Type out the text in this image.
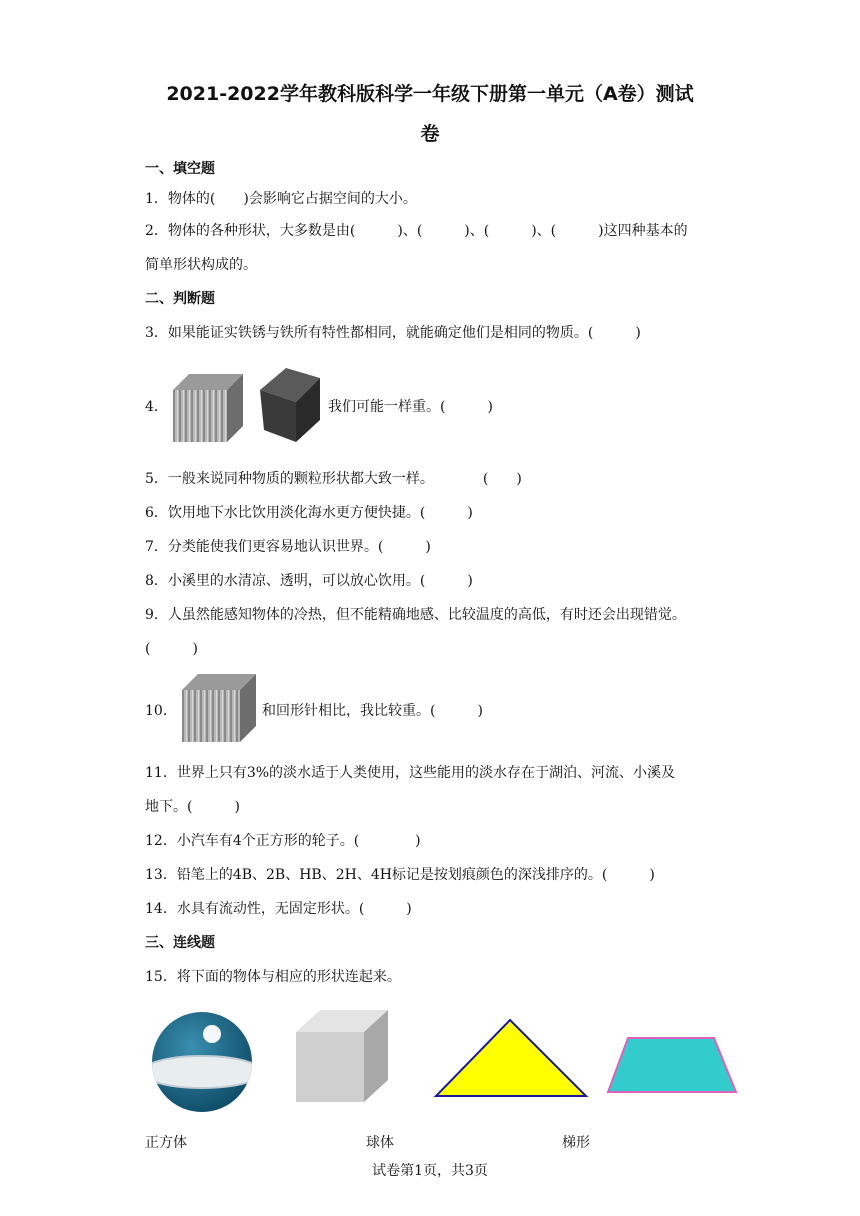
2021-2022学年教科版科学一年级下册第一单元（A卷）测试
卷
一、填空题
1．物体的(　　)会影响它占据空间的大小。
2．物体的各种形状，大多数是由(　　　)、(　　　)、(　　　)、(　　　)这四种基本的
简单形状构成的。
二、判断题
3．如果能证实铁锈与铁所有特性都相同，就能确定他们是相同的物质。(　　　)
4．	我们可能一样重。(　　　)
5．一般来说同种物质的颗粒形状都大致一样。　　　　(　　)
6．饮用地下水比饮用淡化海水更方便快捷。(　　　)
7．分类能使我们更容易地认识世界。(　　　)
8．小溪里的水清凉、透明，可以放心饮用。(　　　)
9．人虽然能感知物体的冷热，但不能精确地感、比较温度的高低，有时还会出现错觉。
(　　　)
10．	和回形针相比，我比较重。(　　　)
11．世界上只有3%的淡水适于人类使用，这些能用的淡水存在于湖泊、河流、小溪及
地下。(　　　)
12．小汽车有4个正方形的轮子。(　　　　)
13．铅笔上的4B、2B、HB、2H、4H标记是按划痕颜色的深浅排序的。(　　　)
14．水具有流动性，无固定形状。(　　　)
三、连线题
15．将下面的物体与相应的形状连起来。
正方体	球体	梯形
试卷第1页，共3页
